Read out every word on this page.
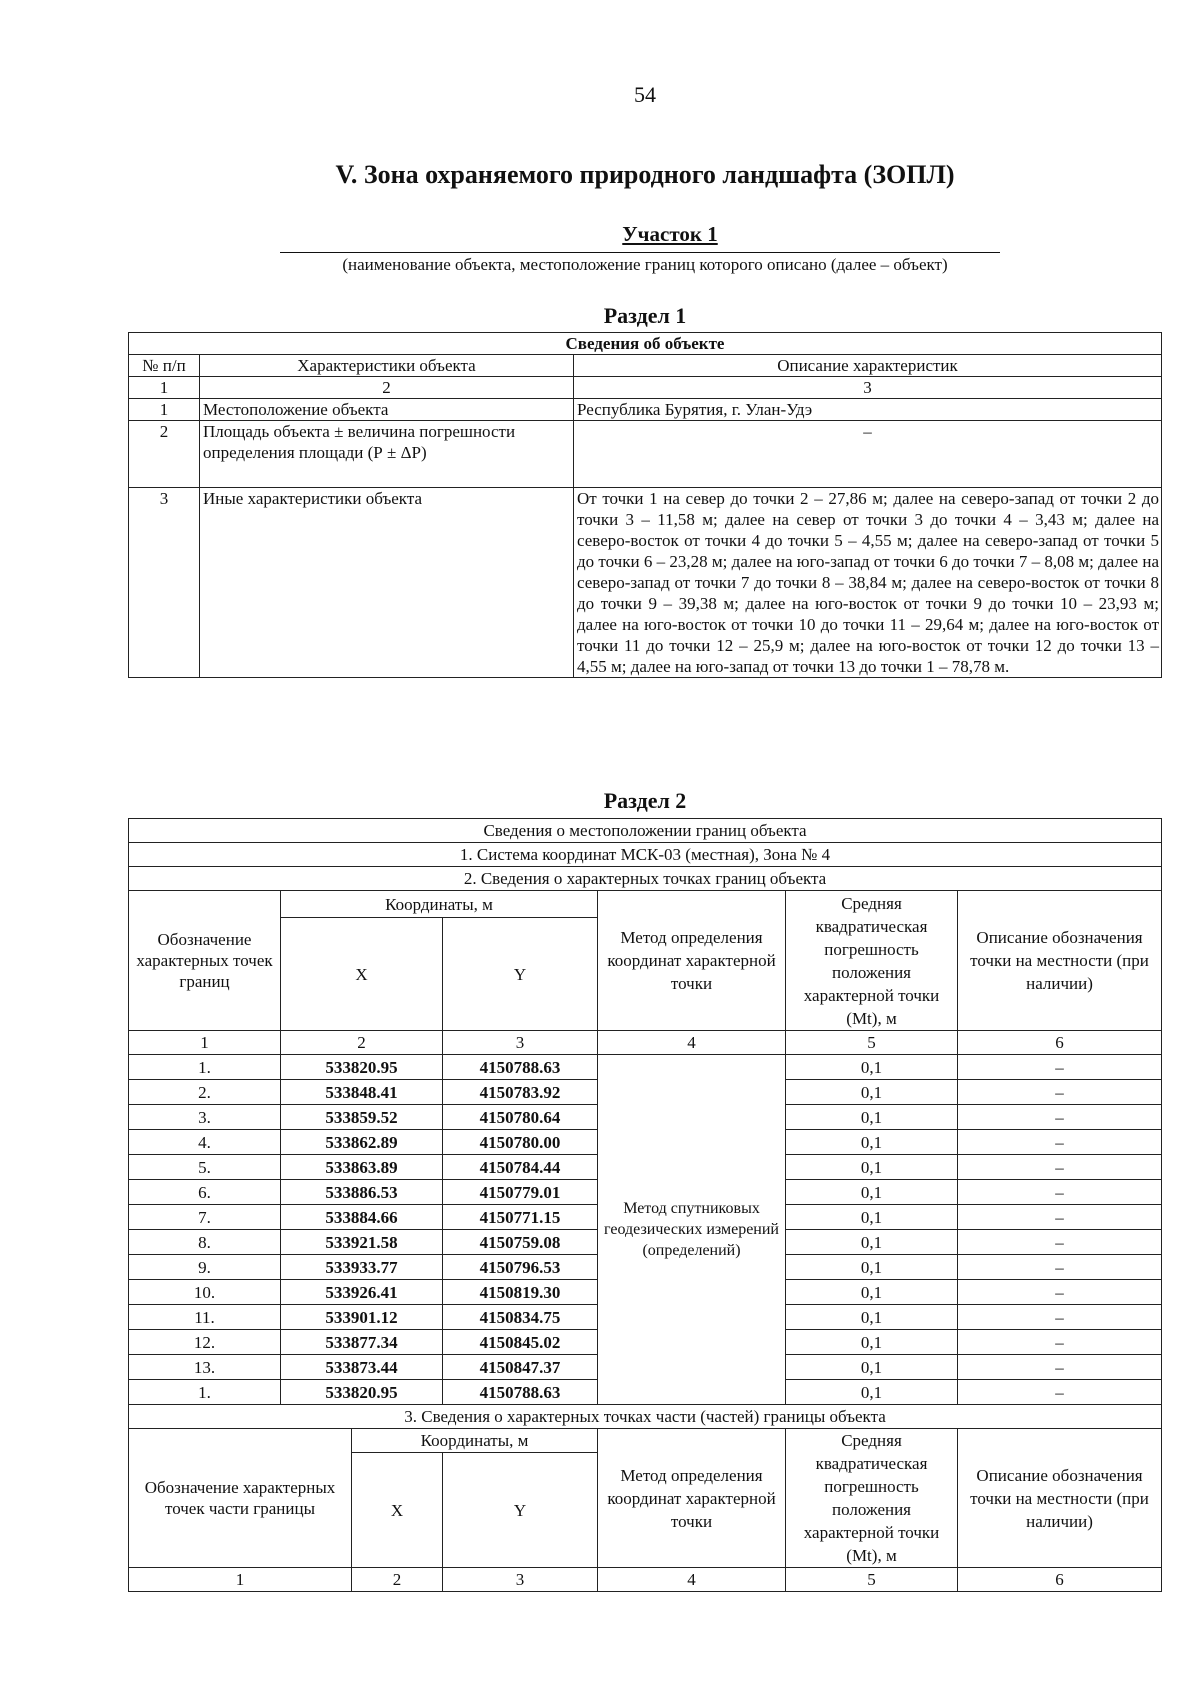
54
V. Зона охраняемого природного ландшафта (ЗОПЛ)
Участок 1
(наименование объекта, местоположение границ которого описано (далее – объект)
Раздел 1
Сведения об объекте		
№ п/п	Характеристики объекта	Описание характеристик
1	2	3
1	Местоположение объекта	Республика Бурятия, г. Улан-Удэ
2	Площадь объекта ± величина погрешности определения площади (Р ± ΔР)	–
3	Иные характеристики объекта	От точки 1 на север до точки 2 – 27,86 м; далее на северо-запад от точки 2 до точки 3 – 11,58 м; далее на север от точки 3 до точки 4 – 3,43 м; далее на северо-восток от точки 4 до точки 5 – 4,55 м; далее на северо-запад от точки 5 до точки 6 – 23,28 м; далее на юго-запад от точки 6 до точки 7 – 8,08 м; далее на северо-запад от точки 7 до точки 8 – 38,84 м; далее на северо-восток от точки 8 до точки 9 – 39,38 м; далее на юго-восток от точки 9 до точки 10 – 23,93 м; далее на юго-восток от точки 10 до точки 11 – 29,64 м; далее на юго-восток от точки 11 до точки 12 – 25,9 м; далее на юго-восток от точки 12 до точки 13 – 4,55 м; далее на юго-запад от точки 13 до точки 1 – 78,78 м.
Раздел 2
Сведения о местоположении границ объекта						
1. Система координат МСК-03 (местная), Зона № 4						
2. Сведения о характерных точках границ объекта						
Обозначение характерных точек границ	Координаты, м			Метод определения координат характерной точки	Средняя квадратическая погрешность положения характерной точки (Mt), м	Описание обозначения точки на местности (при наличии)
	X		Y			
1	2		3	4	5	6
1.	533820.95		4150788.63	Метод спутниковых геодезических измерений (определений)	0,1	–
2.	533848.41		4150783.92		0,1	–
3.	533859.52		4150780.64		0,1	–
4.	533862.89		4150780.00		0,1	–
5.	533863.89		4150784.44		0,1	–
6.	533886.53		4150779.01		0,1	–
7.	533884.66		4150771.15		0,1	–
8.	533921.58		4150759.08		0,1	–
9.	533933.77		4150796.53		0,1	–
10.	533926.41		4150819.30		0,1	–
11.	533901.12		4150834.75		0,1	–
12.	533877.34		4150845.02		0,1	–
13.	533873.44		4150847.37		0,1	–
1.	533820.95		4150788.63		0,1	–
3. Сведения о характерных точках части (частей) границы объекта						
Обозначение характерных точек части границы		Координаты, м		Метод определения координат характерной точки	Средняя квадратическая погрешность положения характерной точки (Mt), м	Описание обозначения точки на местности (при наличии)
		X	Y			
1		2	3	4	5	6
